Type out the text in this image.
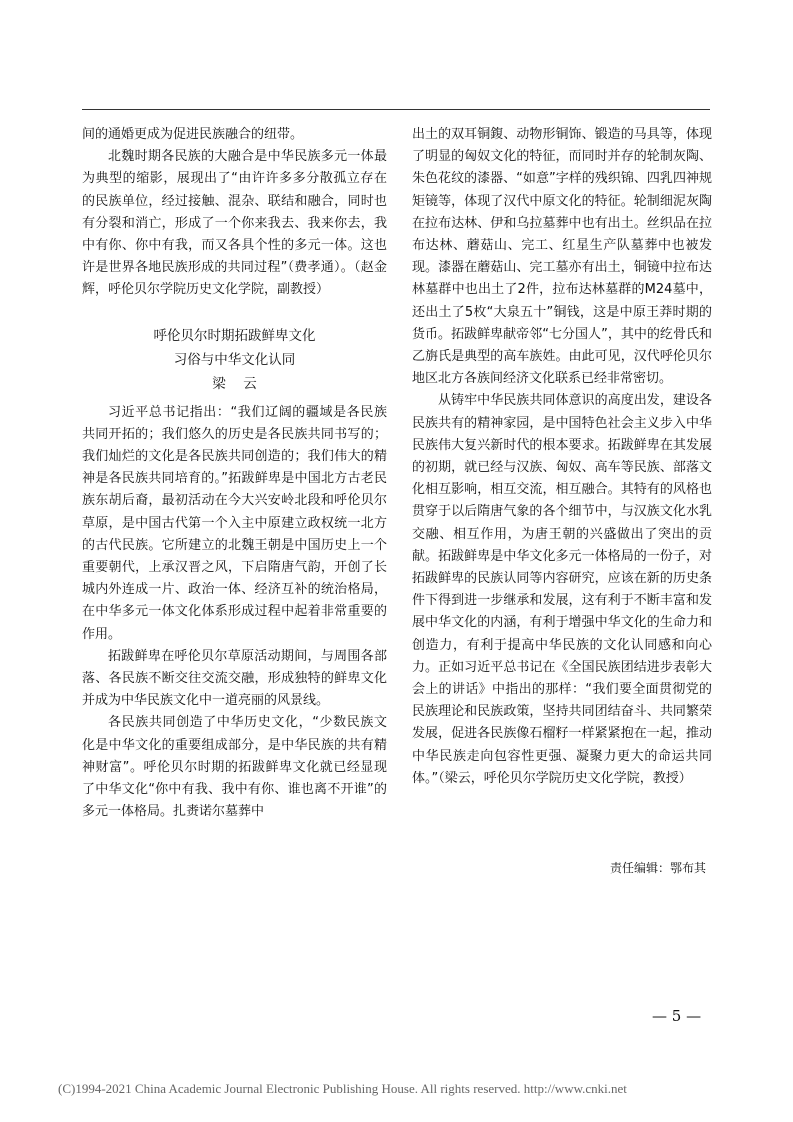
间的通婚更成为促进民族融合的纽带。

北魏时期各民族的大融合是中华民族多元一体最为典型的缩影，展现出了“由许许多多分散孤立存在的民族单位，经过接触、混杂、联结和融合，同时也有分裂和消亡，形成了一个你来我去、我来你去，我中有你、你中有我，而又各具个性的多元一体。这也许是世界各地民族形成的共同过程”（费孝通）。（赵金辉，呼伦贝尔学院历史文化学院，副教授）

呼伦贝尔时期拓跋鲜卑文化
习俗与中华文化认同
梁云

习近平总书记指出：“我们辽阔的疆域是各民族共同开拓的；我们悠久的历史是各民族共同书写的；我们灿烂的文化是各民族共同创造的；我们伟大的精神是各民族共同培育的。”拓跋鲜卑是中国北方古老民族东胡后裔，最初活动在今大兴安岭北段和呼伦贝尔草原，是中国古代第一个入主中原建立政权统一北方的古代民族。它所建立的北魏王朝是中国历史上一个重要朝代，上承汉晋之风，下启隋唐气韵，开创了长城内外连成一片、政治一体、经济互补的统治格局，在中华多元一体文化体系形成过程中起着非常重要的作用。

拓跋鲜卑在呼伦贝尔草原活动期间，与周围各部落、各民族不断交往交流交融，形成独特的鲜卑文化并成为中华民族文化中一道亮丽的风景线。

各民族共同创造了中华历史文化，“少数民族文化是中华文化的重要组成部分，是中华民族的共有精神财富”。呼伦贝尔时期的拓跋鲜卑文化就已经显现了中华文化“你中有我、我中有你、谁也离不开谁”的多元一体格局。扎赉诺尔墓葬中

出土的双耳铜鍑、动物形铜饰、锻造的马具等，体现了明显的匈奴文化的特征，而同时并存的轮制灰陶、朱色花纹的漆器、“如意”字样的残织锦、四乳四神规矩镜等，体现了汉代中原文化的特征。轮制细泥灰陶在拉布达林、伊和乌拉墓葬中也有出土。丝织品在拉布达林、蘑菇山、完工、红星生产队墓葬中也被发现。漆器在蘑菇山、完工墓亦有出土，铜镜中拉布达林墓群中也出土了2件，拉布达林墓群的M24墓中，还出土了5枚“大泉五十”铜钱，这是中原王莽时期的货币。拓跋鲜卑献帝邻“七分国人”，其中的纥骨氏和乙旃氏是典型的高车族姓。由此可见，汉代呼伦贝尔地区北方各族间经济文化联系已经非常密切。

从铸牢中华民族共同体意识的高度出发，建设各民族共有的精神家园，是中国特色社会主义步入中华民族伟大复兴新时代的根本要求。拓跋鲜卑在其发展的初期，就已经与汉族、匈奴、高车等民族、部落文化相互影响，相互交流，相互融合。其特有的风格也贯穿于以后隋唐气象的各个细节中，与汉族文化水乳交融、相互作用，为唐王朝的兴盛做出了突出的贡献。拓跋鲜卑是中华文化多元一体格局的一份子，对拓跋鲜卑的民族认同等内容研究，应该在新的历史条件下得到进一步继承和发展，这有利于不断丰富和发展中华文化的内涵，有利于增强中华文化的生命力和创造力，有利于提高中华民族的文化认同感和向心力。正如习近平总书记在《全国民族团结进步表彰大会上的讲话》中指出的那样：“我们要全面贯彻党的民族理论和民族政策，坚持共同团结奋斗、共同繁荣发展，促进各民族像石榴籽一样紧紧抱在一起，推动中华民族走向包容性更强、凝聚力更大的命运共同体。”（梁云，呼伦贝尔学院历史文化学院，教授）

责任编辑：鄂布其
— 5 —
(C)1994-2021 China Academic Journal Electronic Publishing House. All rights reserved. http://www.cnki.net
